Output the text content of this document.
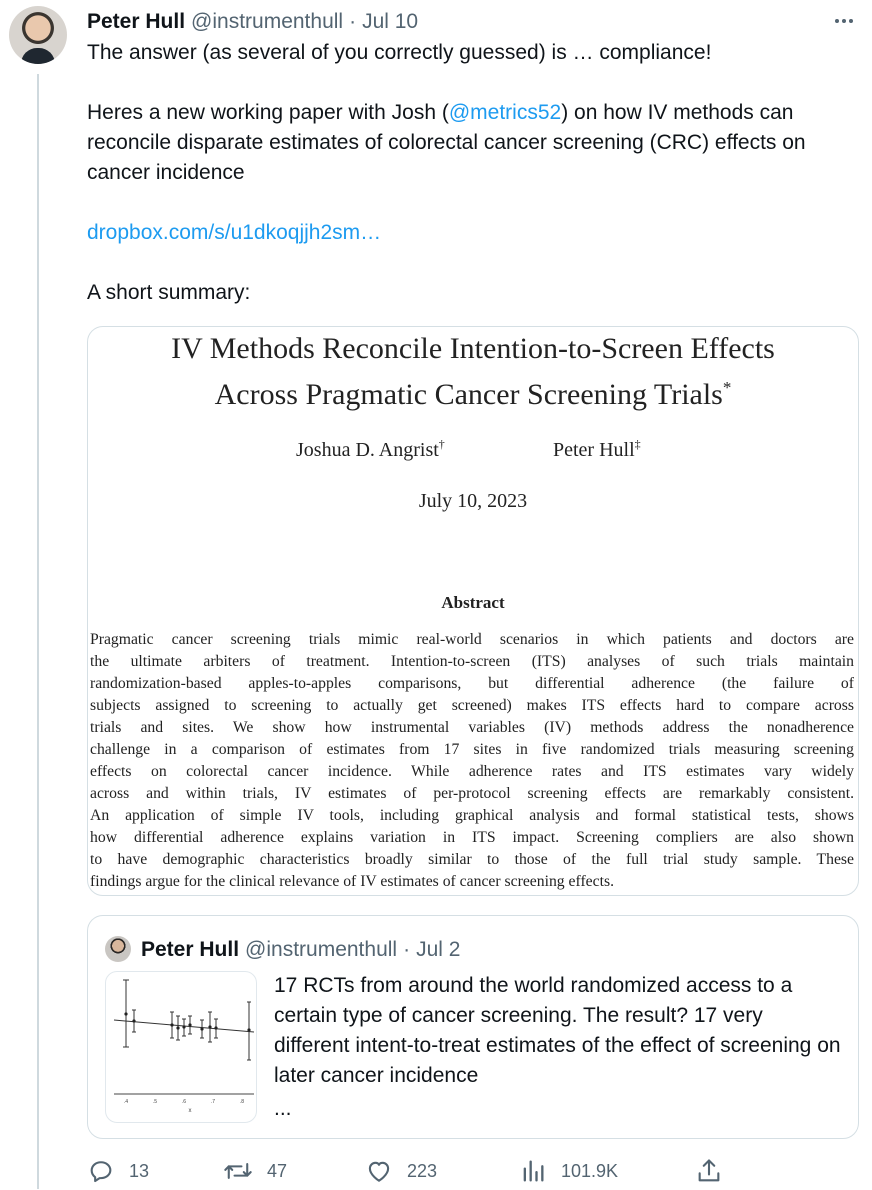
Peter Hull @instrumenthull · Jul 10

The answer (as several of you correctly guessed) is … compliance!

Heres a new working paper with Josh (@metrics52) on how IV methods can reconcile disparate estimates of colorectal cancer screening (CRC) effects on cancer incidence

dropbox.com/s/u1dkoqjjh2sm…

A short summary:

IV Methods Reconcile Intention-to-Screen Effects
Across Pragmatic Cancer Screening Trials*
Joshua D. Angrist†	Peter Hull‡
July 10, 2023
Abstract
Pragmatic cancer screening trials mimic real-world scenarios in which patients and doctors are
the ultimate arbiters of treatment. Intention-to-screen (ITS) analyses of such trials maintain
randomization-based apples-to-apples comparisons, but differential adherence (the failure of
subjects assigned to screening to actually get screened) makes ITS effects hard to compare across
trials and sites. We show how instrumental variables (IV) methods address the nonadherence
challenge in a comparison of estimates from 17 sites in five randomized trials measuring screening
effects on colorectal cancer incidence. While adherence rates and ITS estimates vary widely
across and within trials, IV estimates of per-protocol screening effects are remarkably consistent.
An application of simple IV tools, including graphical analysis and formal statistical tests, shows
how differential adherence explains variation in ITS impact. Screening compliers are also shown
to have demographic characteristics broadly similar to those of the full trial study sample. These
findings argue for the clinical relevance of IV estimates of cancer screening effects.
Peter Hull @instrumenthull · Jul 2
.4	.5	.6	.7	.8
x
17 RCTs from around the world randomized access to a certain type of cancer screening. The result? 17 very different intent-to-treat estimates of the effect of screening on later cancer incidence
...
13	47	223	101.9K
